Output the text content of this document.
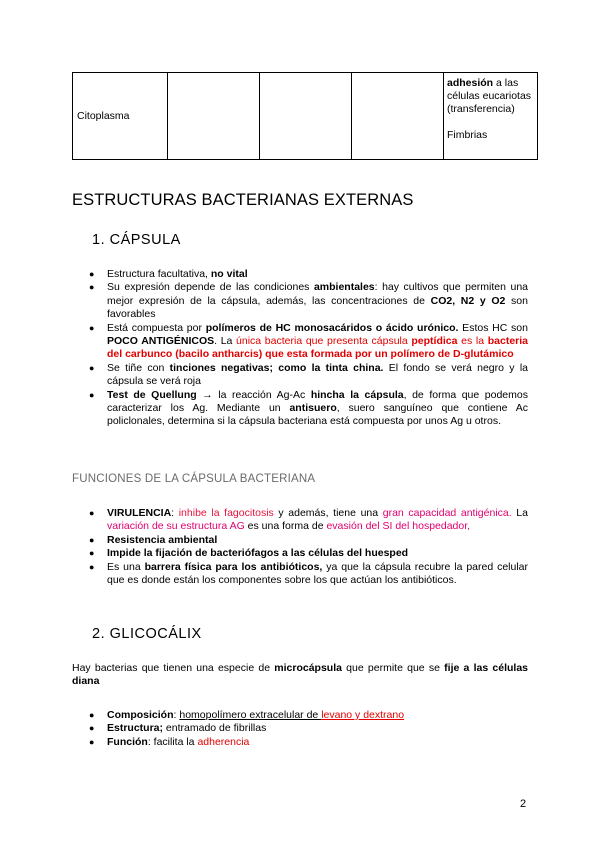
Citoplasma				adhesión a las células eucariotas (transferencia)
Fimbrias
ESTRUCTURAS BACTERIANAS EXTERNAS
1. CÁPSULA
● Estructura facultativa, no vital
● Su expresión depende de las condiciones ambientales: hay cultivos que permiten una mejor expresión de la cápsula, además, las concentraciones de CO2, N2 y O2 son favorables
● Está compuesta por polímeros de HC monosacáridos o ácido urónico. Estos HC son POCO ANTIGÉNICOS. La única bacteria que presenta cápsula peptídica es la bacteria del carbunco (bacilo antharcis) que esta formada por un polímero de D-glutámico
● Se tiñe con tinciones negativas; como la tinta china. El fondo se verá negro y la cápsula se verá roja
● Test de Quellung → la reacción Ag-Ac hincha la cápsula, de forma que podemos caracterizar los Ag. Mediante un antisuero, suero sanguíneo que contiene Ac policlonales, determina si la cápsula bacteriana está compuesta por unos Ag u otros.
FUNCIONES DE LA CÁPSULA BACTERIANA
● VIRULENCIA: inhibe la fagocitosis y además, tiene una gran capacidad antigénica. La variación de su estructura AG es una forma de evasión del SI del hospedador,
● Resistencia ambiental
● Impide la fijación de bacteriófagos a las células del huesped
● Es una barrera física para los antibióticos, ya que la cápsula recubre la pared celular que es donde están los componentes sobre los que actúan los antibióticos.
2. GLICOCÁLIX

Hay bacterias que tienen una especie de microcápsula que permite que se fije a las células diana

● Composición: homopolímero extracelular de levano y dextrano
● Estructura; entramado de fibrillas
● Función: facilita la adherencia
2
